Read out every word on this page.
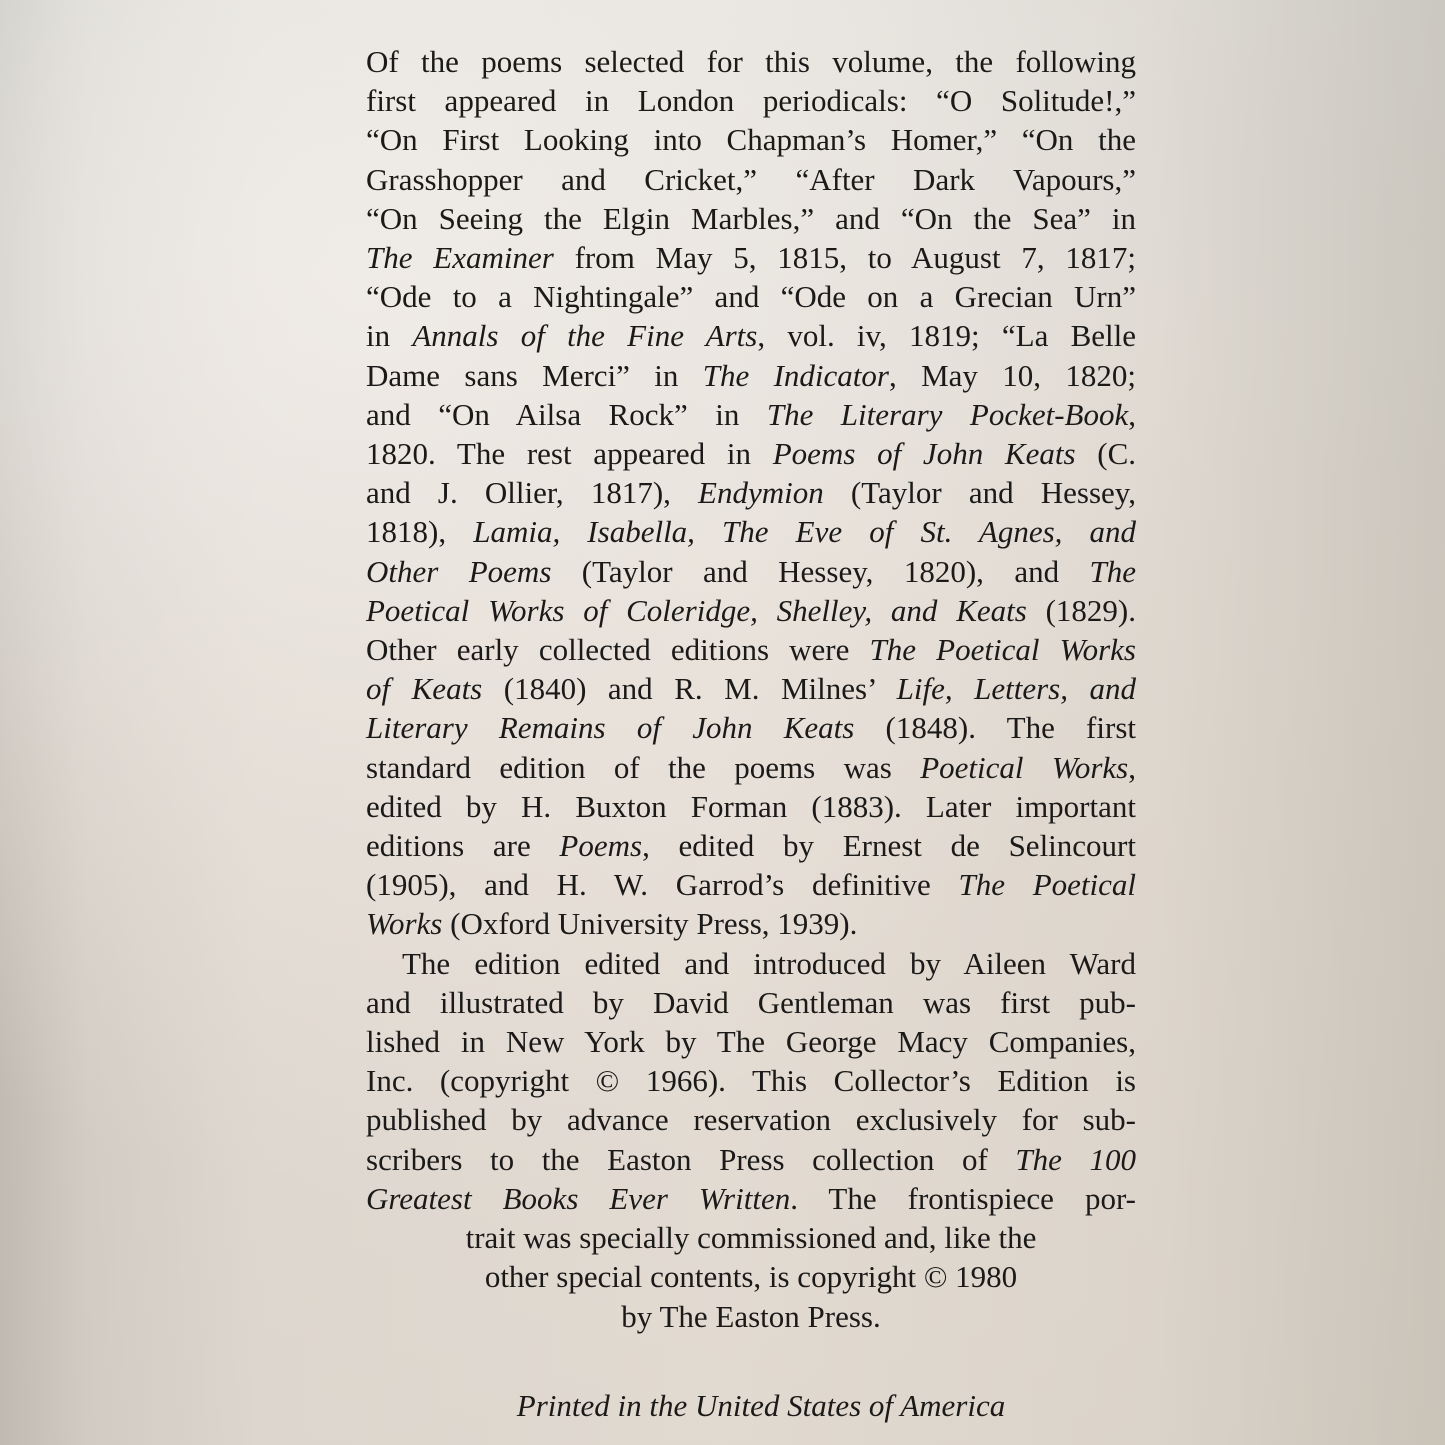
Of the poems selected for this volume, the following
first appeared in London periodicals: “O Solitude!,”
“On First Looking into Chapman’s Homer,” “On the
Grasshopper and Cricket,” “After Dark Vapours,”
“On Seeing the Elgin Marbles,” and “On the Sea” in
The Examiner from May 5, 1815, to August 7, 1817;
“Ode to a Nightingale” and “Ode on a Grecian Urn”
in Annals of the Fine Arts, vol. iv, 1819; “La Belle
Dame sans Merci” in The Indicator, May 10, 1820;
and “On Ailsa Rock” in The Literary Pocket-Book,
1820. The rest appeared in Poems of John Keats (C.
and J. Ollier, 1817), Endymion (Taylor and Hessey,
1818), Lamia, Isabella, The Eve of St. Agnes, and
Other Poems (Taylor and Hessey, 1820), and The
Poetical Works of Coleridge, Shelley, and Keats (1829).
Other early collected editions were The Poetical Works
of Keats (1840) and R. M. Milnes’ Life, Letters, and
Literary Remains of John Keats (1848). The first
standard edition of the poems was Poetical Works,
edited by H. Buxton Forman (1883). Later important
editions are Poems, edited by Ernest de Selincourt
(1905), and H. W. Garrod’s definitive The Poetical
Works (Oxford University Press, 1939).
The edition edited and introduced by Aileen Ward
and illustrated by David Gentleman was first pub-
lished in New York by The George Macy Companies,
Inc. (copyright © 1966). This Collector’s Edition is
published by advance reservation exclusively for sub-
scribers to the Easton Press collection of The 100
Greatest Books Ever Written. The frontispiece por-
trait was specially commissioned and, like the
other special contents, is copyright © 1980
by The Easton Press.
Printed in the United States of America
